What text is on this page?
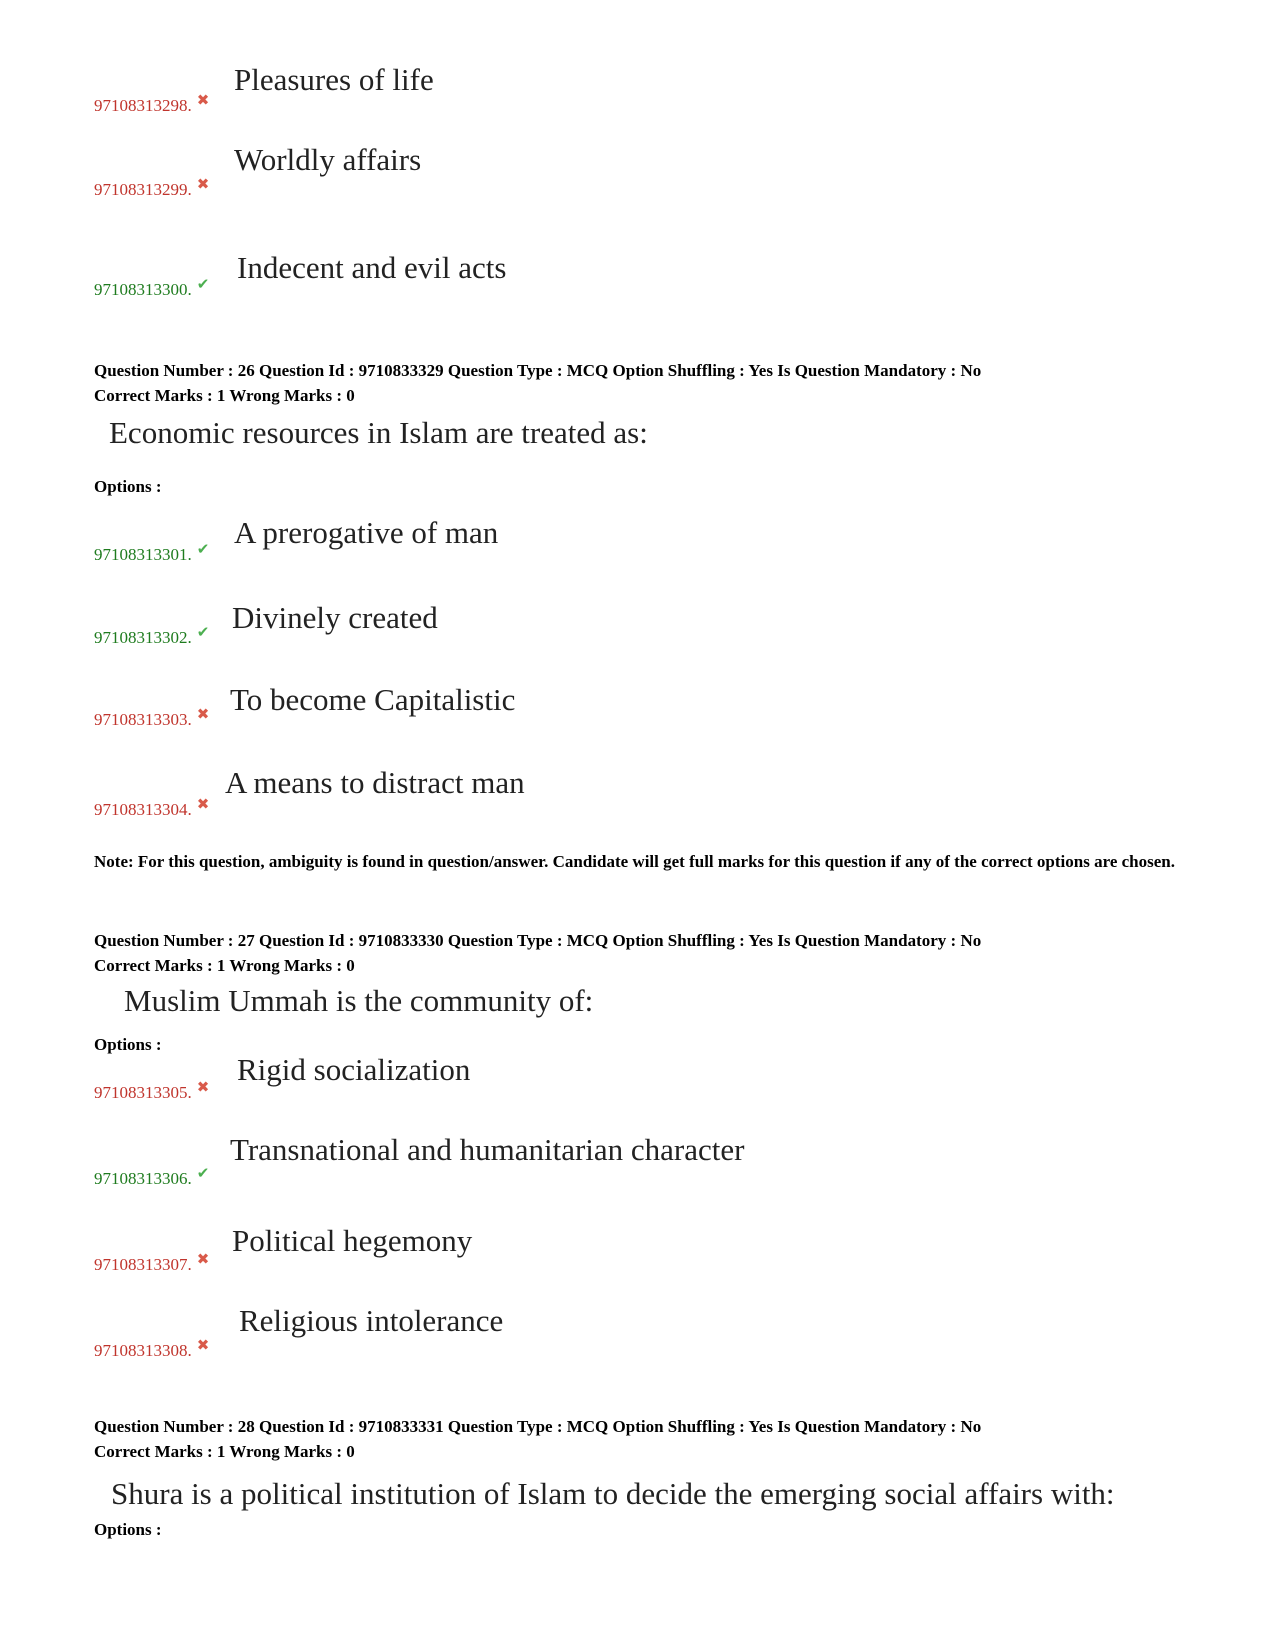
Pleasures of life
97108313298. ✖
Worldly affairs
97108313299. ✖
Indecent and evil acts
97108313300. ✔
Question Number : 26 Question Id : 9710833329 Question Type : MCQ Option Shuffling : Yes Is Question Mandatory : No
Correct Marks : 1 Wrong Marks : 0
Economic resources in Islam are treated as:
Options :
A prerogative of man
97108313301. ✔
Divinely created
97108313302. ✔
To become Capitalistic
97108313303. ✖
A means to distract man
97108313304. ✖
Note: For this question, ambiguity is found in question/answer. Candidate will get full marks for this question if any of the correct options are chosen.
Question Number : 27 Question Id : 9710833330 Question Type : MCQ Option Shuffling : Yes Is Question Mandatory : No
Correct Marks : 1 Wrong Marks : 0
Muslim Ummah is the community of:
Options :
Rigid socialization
97108313305. ✖
Transnational and humanitarian character
97108313306. ✔
Political hegemony
97108313307. ✖
Religious intolerance
97108313308. ✖
Question Number : 28 Question Id : 9710833331 Question Type : MCQ Option Shuffling : Yes Is Question Mandatory : No
Correct Marks : 1 Wrong Marks : 0
Shura is a political institution of Islam to decide the emerging social affairs with:
Options :
